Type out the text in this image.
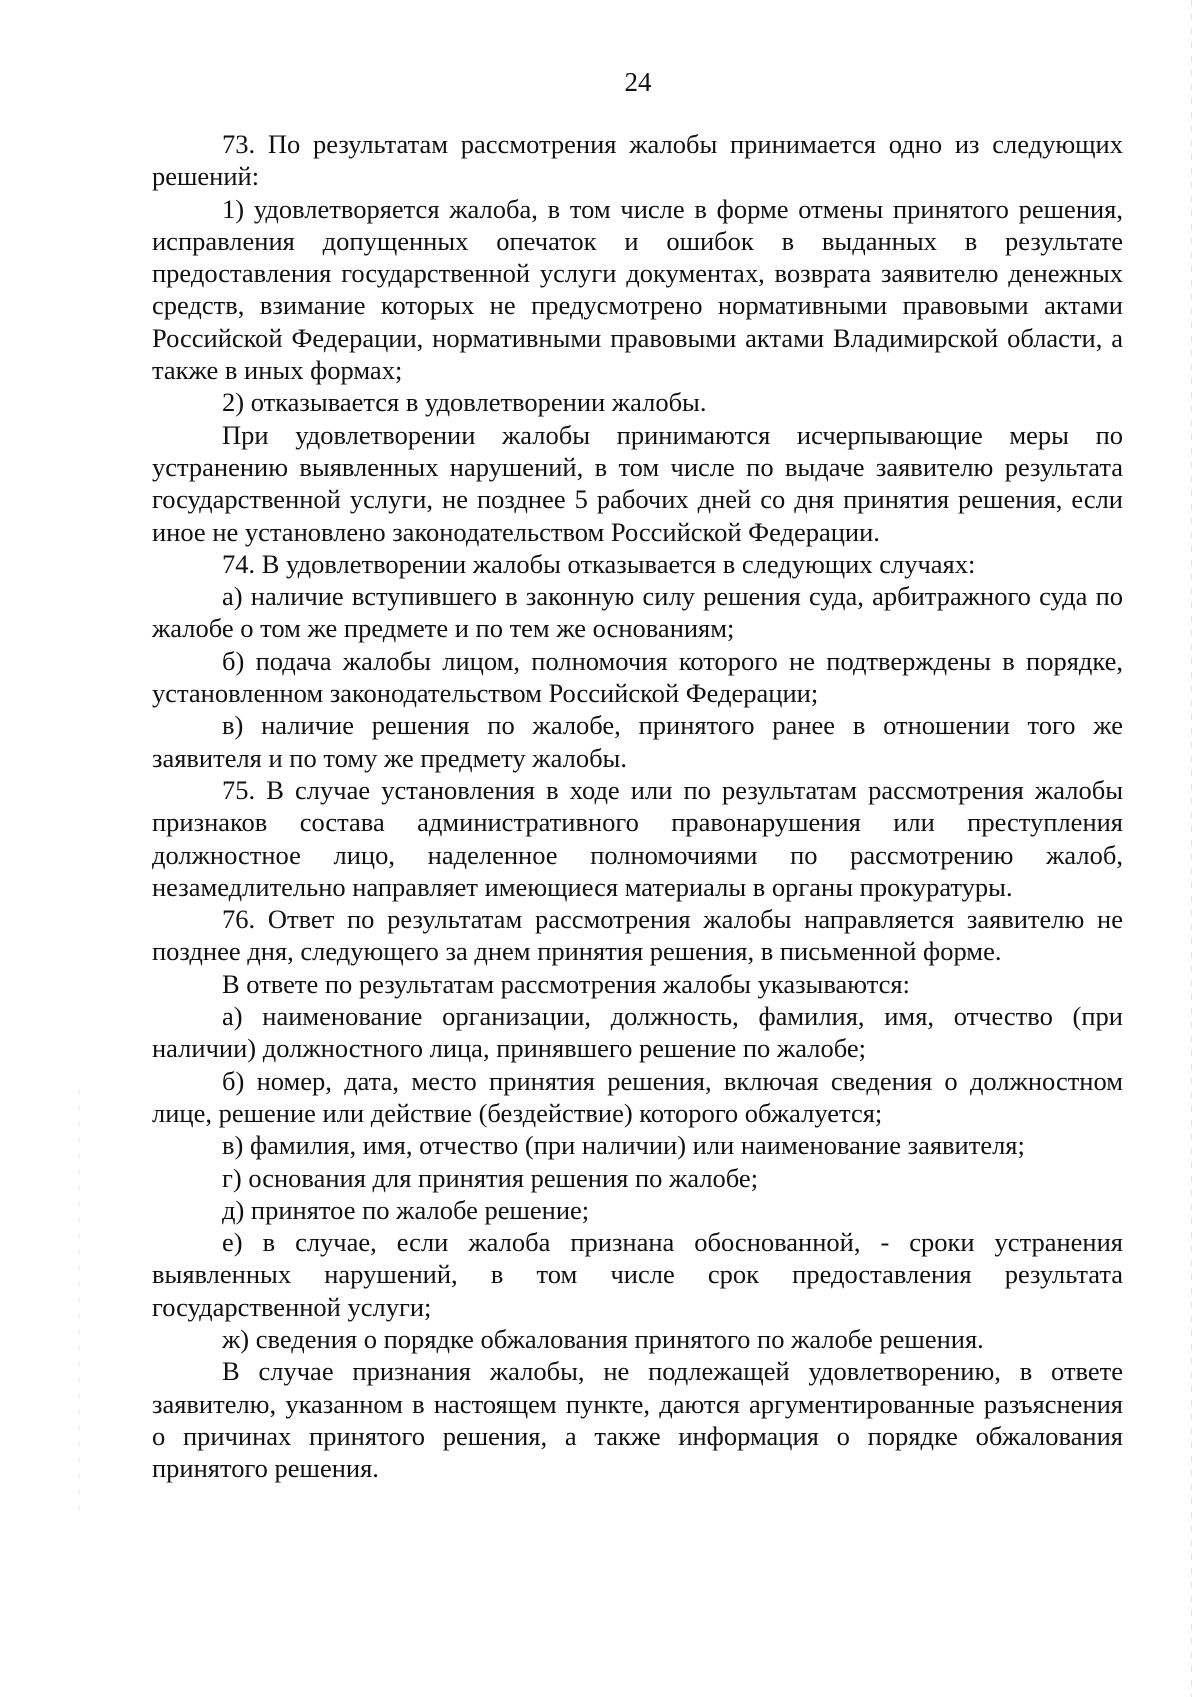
24

73. По результатам рассмотрения жалобы принимается одно из следующих решений:

1) удовлетворяется жалоба, в том числе в форме отмены принятого решения, исправления допущенных опечаток и ошибок в выданных в результате предоставления государственной услуги документах, возврата заявителю денежных средств, взимание которых не предусмотрено нормативными правовыми актами Российской Федерации, нормативными правовыми актами Владимирской области, а также в иных формах;

2) отказывается в удовлетворении жалобы.

При удовлетворении жалобы принимаются исчерпывающие меры по устранению выявленных нарушений, в том числе по выдаче заявителю результата государственной услуги, не позднее 5 рабочих дней со дня принятия решения, если иное не установлено законодательством Российской Федерации.

74. В удовлетворении жалобы отказывается в следующих случаях:

а) наличие вступившего в законную силу решения суда, арбитражного суда по жалобе о том же предмете и по тем же основаниям;

б) подача жалобы лицом, полномочия которого не подтверждены в порядке, установленном законодательством Российской Федерации;

в) наличие решения по жалобе, принятого ранее в отношении того же заявителя и по тому же предмету жалобы.

75. В случае установления в ходе или по результатам рассмотрения жалобы признаков состава административного правонарушения или преступления должностное лицо, наделенное полномочиями по рассмотрению жалоб, незамедлительно направляет имеющиеся материалы в органы прокуратуры.

76. Ответ по результатам рассмотрения жалобы направляется заявителю не позднее дня, следующего за днем принятия решения, в письменной форме.

В ответе по результатам рассмотрения жалобы указываются:

а) наименование организации, должность, фамилия, имя, отчество (при наличии) должностного лица, принявшего решение по жалобе;

б) номер, дата, место принятия решения, включая сведения о должностном лице, решение или действие (бездействие) которого обжалуется;

в) фамилия, имя, отчество (при наличии) или наименование заявителя;

г) основания для принятия решения по жалобе;

д) принятое по жалобе решение;

е) в случае, если жалоба признана обоснованной, - сроки устранения выявленных нарушений, в том числе срок предоставления результата государственной услуги;

ж) сведения о порядке обжалования принятого по жалобе решения.

В случае признания жалобы, не подлежащей удовлетворению, в ответе заявителю, указанном в настоящем пункте, даются аргументированные разъяснения о причинах принятого решения, а также информация о порядке обжалования принятого решения.
